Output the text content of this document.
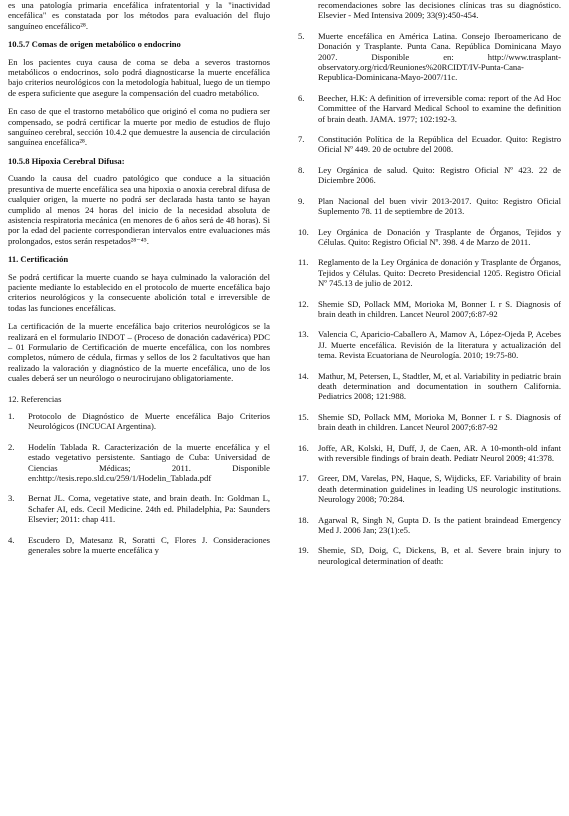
es una patología primaria encefálica infratentorial y la "inactividad encefálica" es constatada por los métodos para evaluación del flujo sanguíneo encefálico²⁸.

10.5.7 Comas de origen metabólico o endocrino

En los pacientes cuya causa de coma se deba a severos trastornos metabólicos o endocrinos, solo podrá diagnosticarse la muerte encefálica bajo criterios neurológicos con la metodología habitual, luego de un tiempo de espera suficiente que asegure la compensación del cuadro metabólico.

En caso de que el trastorno metabólico que originó el coma no pudiera ser compensado, se podrá certificar la muerte por medio de estudios de flujo sanguíneo cerebral, sección 10.4.2 que demuestre la ausencia de circulación sanguínea encefálica²⁸.

10.5.8 Hipoxia Cerebral Difusa:

Cuando la causa del cuadro patológico que conduce a la situación presuntiva de muerte encefálica sea una hipoxia o anoxia cerebral difusa de cualquier origen, la muerte no podrá ser declarada hasta tanto se hayan cumplido al menos 24 horas del inicio de la necesidad absoluta de asistencia respiratoria mecánica (en menores de 6 años será de 48 horas). Si por la edad del paciente correspondieran intervalos entre evaluaciones más prolongados, estos serán respetados²⁸⁻⁴⁵.

11. Certificación

Se podrá certificar la muerte cuando se haya culminado la valoración del paciente mediante lo establecido en el protocolo de muerte encefálica bajo criterios neurológicos y la consecuente abolición total e irreversible de todas las funciones encefálicas.

La certificación de la muerte encefálica bajo criterios neurológicos se la realizará en el formulario INDOT – (Proceso de donación cadavérica) PDC – 01 Formulario de Certificación de muerte encefálica, con los nombres completos, número de cédula, firmas y sellos de los 2 facultativos que han realizado la valoración y diagnóstico de la muerte encefálica, uno de los cuales deberá ser un neurólogo o neurocirujano obligatoriamente.

12. Referencias
1.	Protocolo de Diagnóstico de Muerte encefálica Bajo Criterios Neurológicos (INCUCAI Argentina).
2.	Hodelín Tablada R. Caracterización de la muerte encefálica y el estado vegetativo persistente. Santiago de Cuba: Universidad de Ciencias Médicas; 2011. Disponible en:http://tesis.repo.sld.cu/259/1/Hodelin_Tablada.pdf
3.	Bernat JL. Coma, vegetative state, and brain death. In: Goldman L, Schafer AI, eds. Cecil Medicine. 24th ed. Philadelphia, Pa: Saunders Elsevier; 2011: chap 411.
4.	Escudero D, Matesanz R, Soratti C, Flores J. Consideraciones generales sobre la muerte encefálica y
recomendaciones sobre las decisiones clínicas tras su diagnóstico. Elsevier - Med Intensiva 2009; 33(9):450-454.
5.	Muerte encefálica en América Latina. Consejo Iberoamericano de Donación y Trasplante. Punta Cana. República Dominicana Mayo 2007. Disponible en: http://www.trasplant-observatory.org/ricd/Reuniones%20RCIDT/IV-Punta-Cana-Republica-Dominicana-Mayo-2007/11c.
6.	Beecher, H.K: A definition of irreversible coma: report of the Ad Hoc Committee of the Harvard Medical School to examine the definition of brain death. JAMA. 1977; 102:192-3.
7.	Constitución Política de la República del Ecuador. Quito: Registro Oficial Nº 449. 20 de octubre del 2008.
8.	Ley Orgánica de salud. Quito: Registro Oficial Nº 423. 22 de Diciembre 2006.
9.	Plan Nacional del buen vivir 2013-2017. Quito: Registro Oficial Suplemento 78. 11 de septiembre de 2013.
10.	Ley Orgánica de Donación y Trasplante de Órganos, Tejidos y Células. Quito: Registro Oficial Nº. 398. 4 de Marzo de 2011.
11.	Reglamento de la Ley Orgánica de donación y Trasplante de Órganos, Tejidos y Células. Quito: Decreto Presidencial 1205. Registro Oficial Nº 745.13 de julio de 2012.
12.	Shemie SD, Pollack MM, Morioka M, Bonner I. r S. Diagnosis of brain death in children. Lancet Neurol 2007;6:87-92
13.	Valencia C, Aparicio-Caballero A, Mamov A, López-Ojeda P, Acebes JJ. Muerte encefálica. Revisión de la literatura y actualización del tema. Revista Ecuatoriana de Neurología. 2010; 19:75-80.
14.	Mathur, M, Petersen, L, Stadtler, M, et al. Variability in pediatric brain death determination and documentation in southern California. Pediatrics 2008; 121:988.
15.	Shemie SD, Pollack MM, Morioka M, Bonner I. r S. Diagnosis of brain death in children. Lancet Neurol 2007;6:87-92
16.	Joffe, AR, Kolski, H, Duff, J, de Caen, AR. A 10-month-old infant with reversible findings of brain death. Pediatr Neurol 2009; 41:378.
17.	Greer, DM, Varelas, PN, Haque, S, Wijdicks, EF. Variability of brain death determination guidelines in leading US neurologic institutions. Neurology 2008; 70:284.
18.	Agarwal R, Singh N, Gupta D. Is the patient braindead Emergency Med J. 2006 Jan; 23(1):e5.
19.	Shemie, SD, Doig, C, Dickens, B, et al. Severe brain injury to neurological determination of death:
